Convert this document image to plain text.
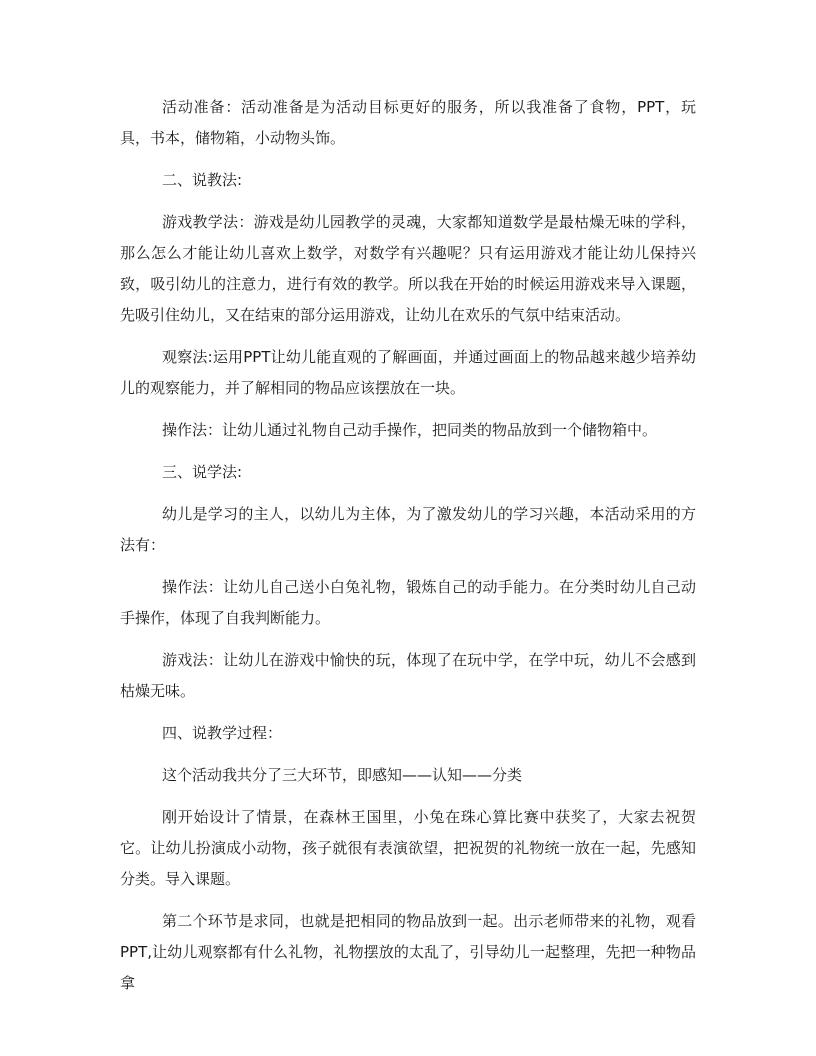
活动准备：活动准备是为活动目标更好的服务，所以我准备了食物，PPT，玩具，书本，储物箱，小动物头饰。

二、说教法:

游戏教学法：游戏是幼儿园教学的灵魂，大家都知道数学是最枯燥无味的学科，那么怎么才能让幼儿喜欢上数学，对数学有兴趣呢？只有运用游戏才能让幼儿保持兴致，吸引幼儿的注意力，进行有效的教学。所以我在开始的时候运用游戏来导入课题，先吸引住幼儿，又在结束的部分运用游戏，让幼儿在欢乐的气氛中结束活动。

观察法:运用PPT让幼儿能直观的了解画面，并通过画面上的物品越来越少培养幼儿的观察能力，并了解相同的物品应该摆放在一块。

操作法：让幼儿通过礼物自己动手操作，把同类的物品放到一个储物箱中。

三、说学法:

幼儿是学习的主人，以幼儿为主体，为了激发幼儿的学习兴趣，本活动采用的方法有：

操作法：让幼儿自己送小白兔礼物，锻炼自己的动手能力。在分类时幼儿自己动手操作，体现了自我判断能力。

游戏法：让幼儿在游戏中愉快的玩，体现了在玩中学，在学中玩，幼儿不会感到枯燥无味。

四、说教学过程：

这个活动我共分了三大环节，即感知——认知——分类

刚开始设计了情景，在森林王国里，小兔在珠心算比赛中获奖了，大家去祝贺它。让幼儿扮演成小动物，孩子就很有表演欲望，把祝贺的礼物统一放在一起，先感知分类。导入课题。

第二个环节是求同，也就是把相同的物品放到一起。出示老师带来的礼物，观看PPT,让幼儿观察都有什么礼物，礼物摆放的太乱了，引导幼儿一起整理，先把一种物品拿
